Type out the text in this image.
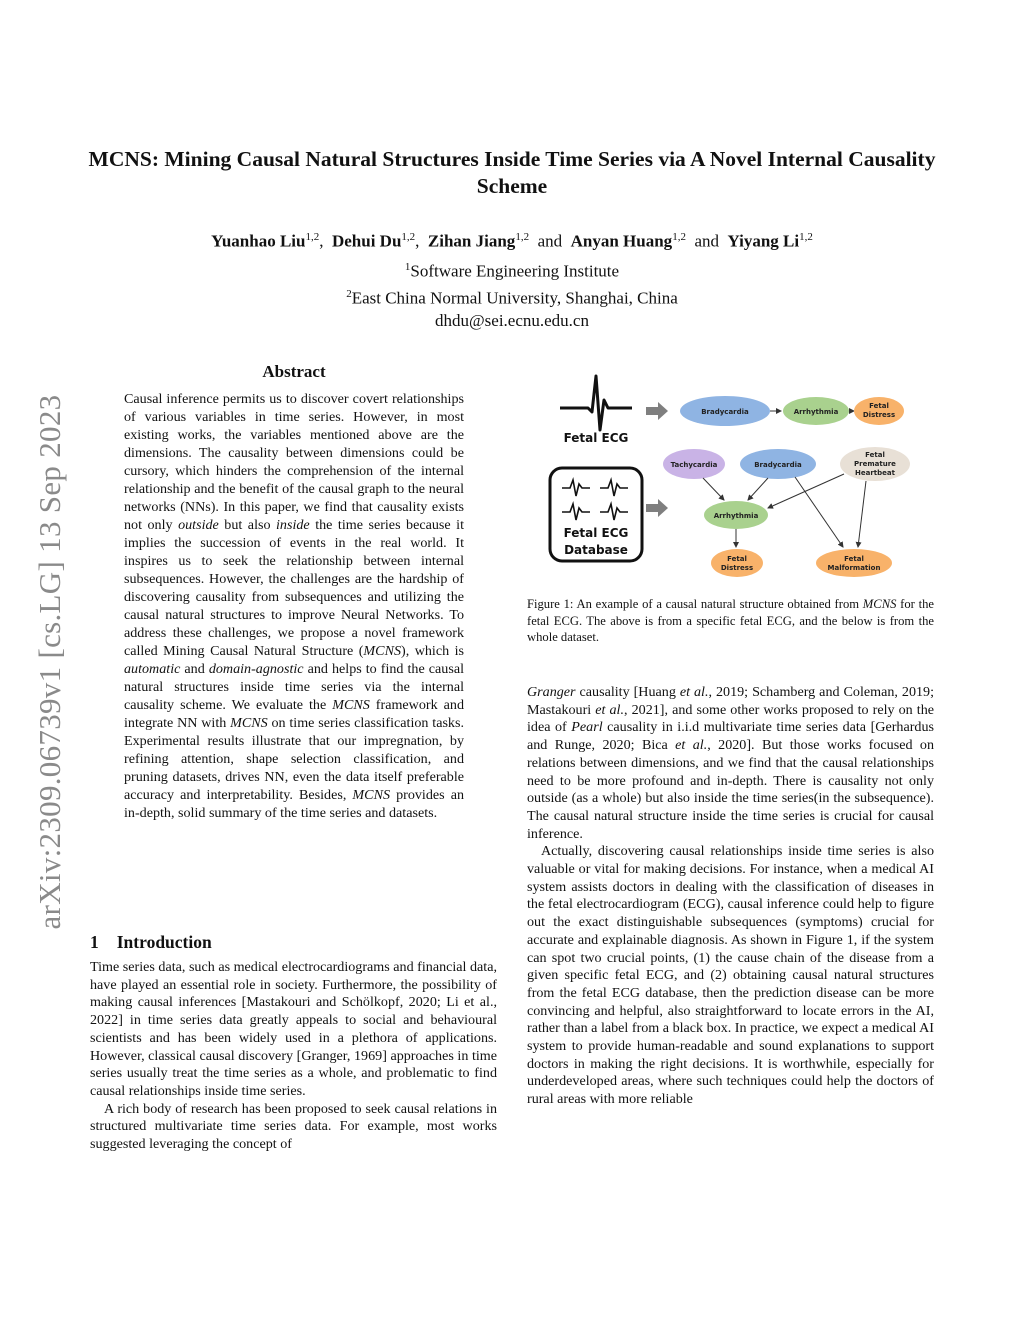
arXiv:2309.06739v1 [cs.LG] 13 Sep 2023
MCNS: Mining Causal Natural Structures Inside Time Series via A Novel Internal Causality Scheme
Yuanhao Liu$^{1,2}$, Dehui Du$^{1,2}$, Zihan Jiang$^{1,2}$ and Anyan Huang$^{1,2}$ and Yiyang Li$^{1,2}$

$^1$Software Engineering Institute

$^2$East China Normal University, Shanghai, China

dhdu@sei.ecnu.edu.cn

Abstract

Causal inference permits us to discover covert relationships of various variables in time series. However, in most existing works, the variables mentioned above are the dimensions. The causality between dimensions could be cursory, which hinders the comprehension of the internal relationship and the benefit of the causal graph to the neural networks (NNs). In this paper, we find that causality exists not only outside but also inside the time series because it implies the succession of events in the real world. It inspires us to seek the relationship between internal subsequences. However, the challenges are the hardship of discovering causality from subsequences and utilizing the causal natural structures to improve Neural Networks. To address these challenges, we propose a novel framework called Mining Causal Natural Structure (MCNS), which is automatic and domain-agnostic and helps to find the causal natural structures inside time series via the internal causality scheme. We evaluate the MCNS framework and integrate NN with MCNS on time series classification tasks. Experimental results illustrate that our impregnation, by refining attention, shape selection classification, and pruning datasets, drives NN, even the data itself preferable accuracy and interpretability. Besides, MCNS provides an in-depth, solid summary of the time series and datasets.

1 Introduction

Time series data, such as medical electrocardiograms and financial data, have played an essential role in society. Furthermore, the possibility of making causal inferences [Mastakouri and Schölkopf, 2020; Li et al., 2022] in time series data greatly appeals to social and behavioural scientists and has been widely used in a plethora of applications. However, classical causal discovery [Granger, 1969] approaches in time series usually treat the time series as a whole, and problematic to find causal relationships inside time series.

A rich body of research has been proposed to seek causal relations in structured multivariate time series data. For example, most works suggested leveraging the concept of

Fetal ECG
Fetal ECG
Database
Bradycardia	Arrhythmia
Fetal
Distress
Tachycardia	Bradycardia
Fetal
Premature
Heartbeat
Arrhythmia
Fetal
Distress
Fetal
Malformation

Figure 1: An example of a causal natural structure obtained from MCNS for the fetal ECG. The above is from a specific fetal ECG, and the below is from the whole dataset.

Granger causality [Huang et al., 2019; Schamberg and Coleman, 2019; Mastakouri et al., 2021], and some other works proposed to rely on the idea of Pearl causality in i.i.d multivariate time series data [Gerhardus and Runge, 2020; Bica et al., 2020]. But those works focused on relations between dimensions, and we find that the causal relationships need to be more profound and in-depth. There is causality not only outside (as a whole) but also inside the time series(in the subsequence). The causal natural structure inside the time series is crucial for causal inference.

Actually, discovering causal relationships inside time series is also valuable or vital for making decisions. For instance, when a medical AI system assists doctors in dealing with the classification of diseases in the fetal electrocardiogram (ECG), causal inference could help to figure out the exact distinguishable subsequences (symptoms) crucial for accurate and explainable diagnosis. As shown in Figure 1, if the system can spot two crucial points, (1) the cause chain of the disease from a given specific fetal ECG, and (2) obtaining causal natural structures from the fetal ECG database, then the prediction disease can be more convincing and helpful, also straightforward to locate errors in the AI, rather than a label from a black box. In practice, we expect a medical AI system to provide human-readable and sound explanations to support doctors in making the right decisions. It is worthwhile, especially for underdeveloped areas, where such techniques could help the doctors of rural areas with more reliable
